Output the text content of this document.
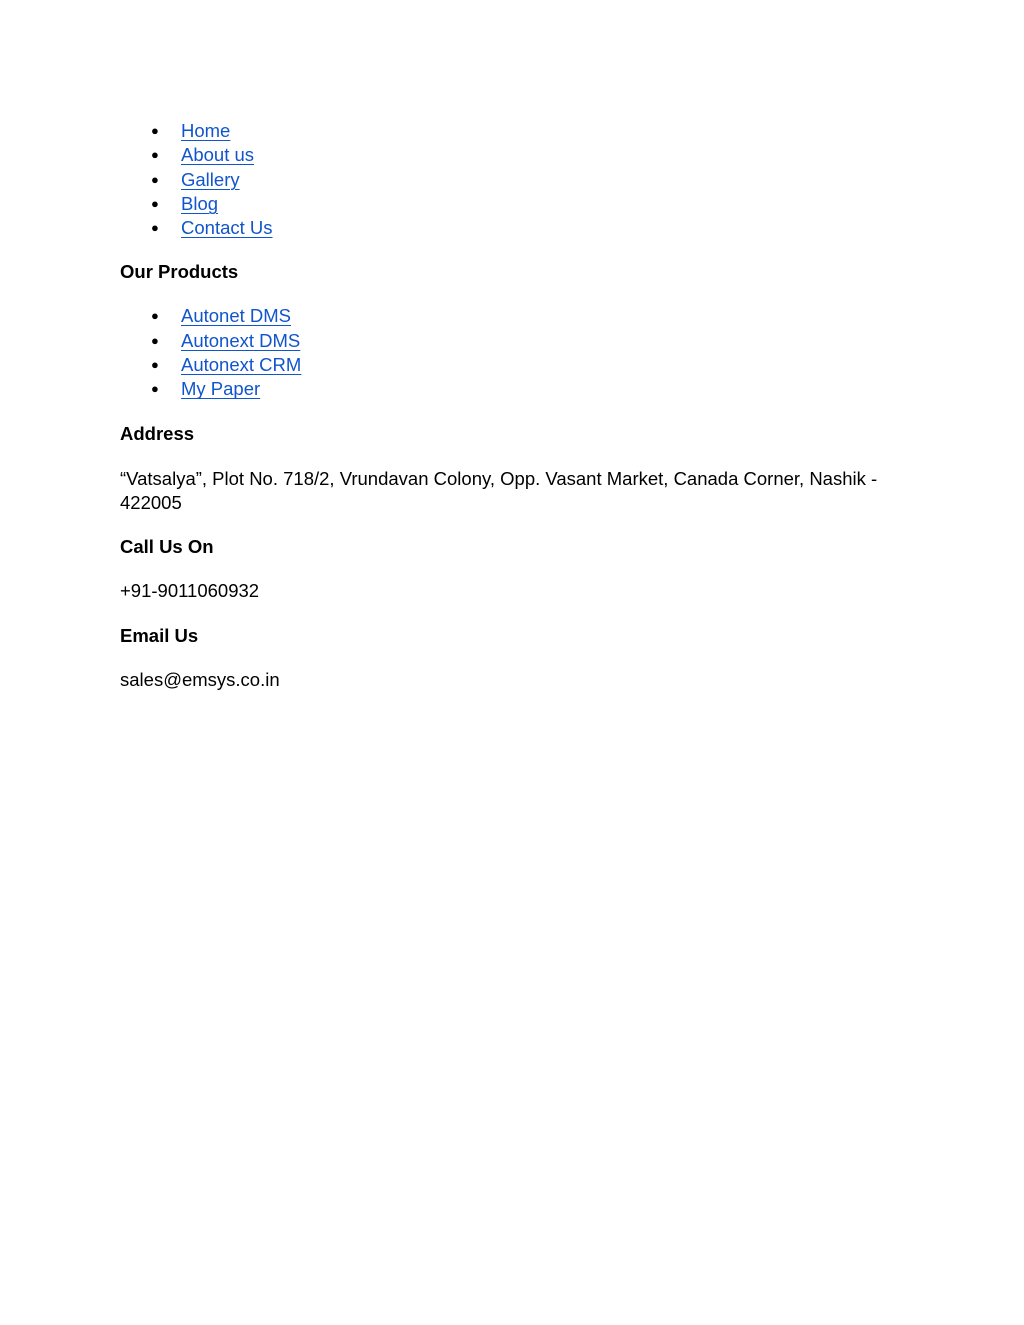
● Home
● About us
● Gallery
● Blog
● Contact Us

Our Products

● Autonet DMS
● Autonext DMS
● Autonext CRM
● My Paper

Address

“Vatsalya”, Plot No. 718/2, Vrundavan Colony, Opp. Vasant Market, Canada Corner, Nashik - 422005

Call Us On

+91-9011060932

Email Us

sales@emsys.co.in
